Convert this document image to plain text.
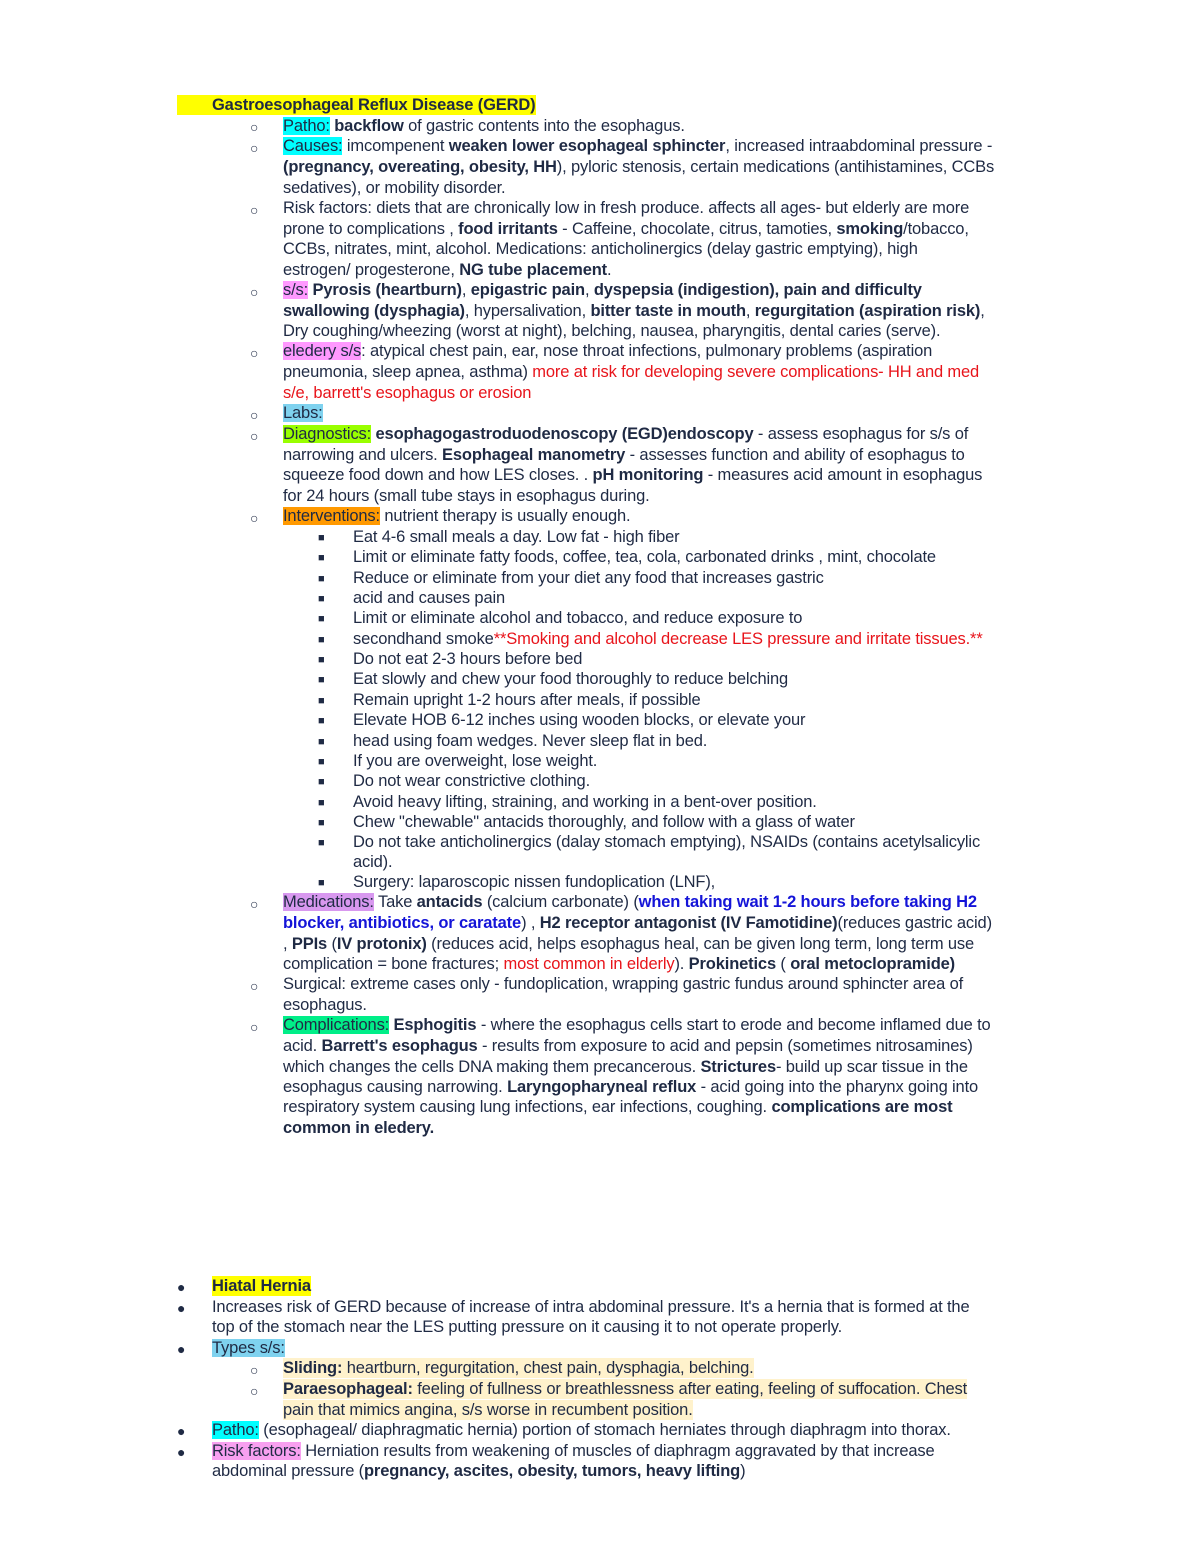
Gastroesophageal Reflux Disease (GERD)
○ Patho: backflow of gastric contents into the esophagus.
○ Causes: imcompenent weaken lower esophageal sphincter, increased intraabdominal pressure -
(pregnancy, overeating, obesity, HH), pyloric stenosis, certain medications (antihistamines, CCBs
sedatives), or mobility disorder.
○ Risk factors: diets that are chronically low in fresh produce. affects all ages- but elderly are more
prone to complications , food irritants - Caffeine, chocolate, citrus, tamoties, smoking/tobacco,
CCBs, nitrates, mint, alcohol. Medications: anticholinergics (delay gastric emptying), high
estrogen/ progesterone, NG tube placement.
○ s/s: Pyrosis (heartburn), epigastric pain, dyspepsia (indigestion), pain and difficulty
swallowing (dysphagia), hypersalivation, bitter taste in mouth, regurgitation (aspiration risk),
Dry coughing/wheezing (worst at night), belching, nausea, pharyngitis, dental caries (serve).
○ eledery s/s: atypical chest pain, ear, nose throat infections, pulmonary problems (aspiration
pneumonia, sleep apnea, asthma) more at risk for developing severe complications- HH and med
s/e, barrett's esophagus or erosion
○ Labs:
○ Diagnostics: esophagogastroduodenoscopy (EGD)endoscopy - assess esophagus for s/s of
narrowing and ulcers. Esophageal manometry - assesses function and ability of esophagus to
squeeze food down and how LES closes. . pH monitoring - measures acid amount in esophagus
for 24 hours (small tube stays in esophagus during.
○ Interventions: nutrient therapy is usually enough.
■ Eat 4-6 small meals a day. Low fat - high fiber
■ Limit or eliminate fatty foods, coffee, tea, cola, carbonated drinks , mint, chocolate
■ Reduce or eliminate from your diet any food that increases gastric
■ acid and causes pain
■ Limit or eliminate alcohol and tobacco, and reduce exposure to
■ secondhand smoke**Smoking and alcohol decrease LES pressure and irritate tissues.**
■ Do not eat 2-3 hours before bed
■ Eat slowly and chew your food thoroughly to reduce belching
■ Remain upright 1-2 hours after meals, if possible
■ Elevate HOB 6-12 inches using wooden blocks, or elevate your
■ head using foam wedges. Never sleep flat in bed.
■ If you are overweight, lose weight.
■ Do not wear constrictive clothing.
■ Avoid heavy lifting, straining, and working in a bent-over position.
■ Chew "chewable" antacids thoroughly, and follow with a glass of water
■ Do not take anticholinergics (dalay stomach emptying), NSAIDs (contains acetylsalicylic
acid).
■ Surgery: laparoscopic nissen fundoplication (LNF),
○ Medications: Take antacids (calcium carbonate) (when taking wait 1-2 hours before taking H2
blocker, antibiotics, or caratate) , H2 receptor antagonist (IV Famotidine)(reduces gastric acid)
, PPIs (IV protonix) (reduces acid, helps esophagus heal, can be given long term, long term use
complication = bone fractures; most common in elderly). Prokinetics ( oral metoclopramide)
○ Surgical: extreme cases only - fundoplication, wrapping gastric fundus around sphincter area of
esophagus.
○ Complications: Esphogitis - where the esophagus cells start to erode and become inflamed due to
acid. Barrett's esophagus - results from exposure to acid and pepsin (sometimes nitrosamines)
which changes the cells DNA making them precancerous. Strictures- build up scar tissue in the
esophagus causing narrowing. Laryngopharyneal reflux - acid going into the pharynx going into
respiratory system causing lung infections, ear infections, coughing. complications are most
common in eledery.
● Hiatal Hernia
● Increases risk of GERD because of increase of intra abdominal pressure. It's a hernia that is formed at the
top of the stomach near the LES putting pressure on it causing it to not operate properly.
● Types s/s:
○ Sliding: heartburn, regurgitation, chest pain, dysphagia, belching.
○ Paraesophageal: feeling of fullness or breathlessness after eating, feeling of suffocation. Chest
pain that mimics angina, s/s worse in recumbent position.
● Patho: (esophageal/ diaphragmatic hernia) portion of stomach herniates through diaphragm into thorax.
● Risk factors: Herniation results from weakening of muscles of diaphragm aggravated by that increase
abdominal pressure (pregnancy, ascites, obesity, tumors, heavy lifting)
